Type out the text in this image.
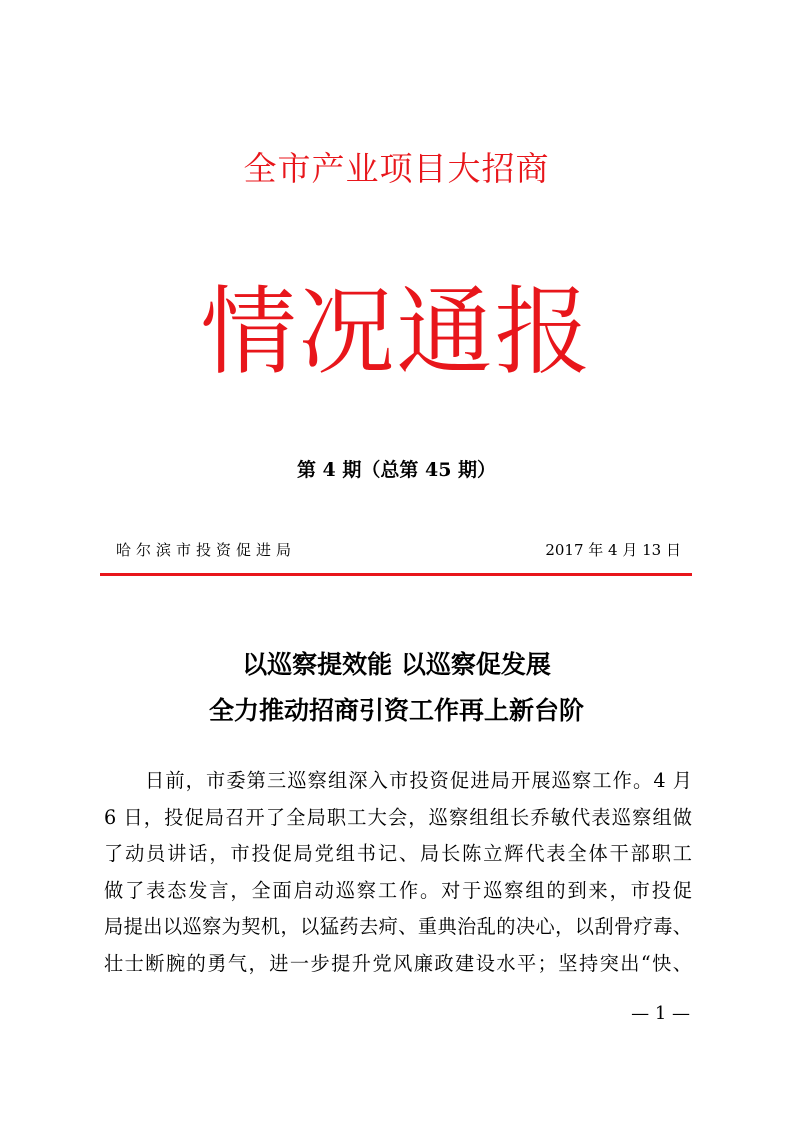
全市产业项目大招商
情况通报
第 4 期（总第 45 期）
哈尔滨市投资促进局	2017 年 4 月 13 日
以巡察提效能 以巡察促发展
全力推动招商引资工作再上新台阶
日前，市委第三巡察组深入市投资促进局开展巡察工作。4 月
6 日，投促局召开了全局职工大会，巡察组组长乔敏代表巡察组做
了动员讲话，市投促局党组书记、局长陈立辉代表全体干部职工
做了表态发言，全面启动巡察工作。对于巡察组的到来，市投促
局提出以巡察为契机，以猛药去疴、重典治乱的决心，以刮骨疗毒、
壮士断腕的勇气，进一步提升党风廉政建设水平；坚持突出“快、
— 1 —
